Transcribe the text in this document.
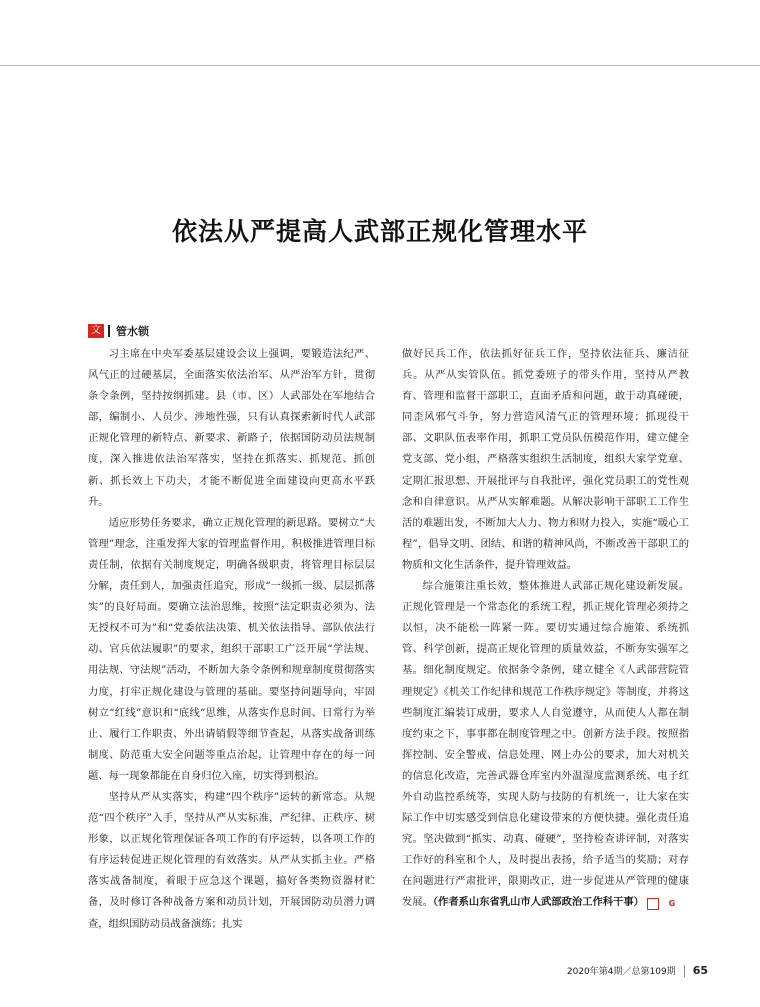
依法从严提高人武部正规化管理水平
文 管水锁

习主席在中央军委基层建设会议上强调，要锻造法纪严、风气正的过硬基层，全面落实依法治军、从严治军方针，贯彻条令条例，坚持按纲抓建。县（市、区）人武部处在军地结合部，编制小、人员少、涉地性强，只有认真探索新时代人武部正规化管理的新特点、新要求、新路子，依据国防动员法规制度，深入推进依法治军落实，坚持在抓落实、抓规范、抓创新、抓长效上下功夫，才能不断促进全面建设向更高水平跃升。

适应形势任务要求，确立正规化管理的新思路。要树立“大管理”理念，注重发挥大家的管理监督作用，积极推进管理目标责任制，依据有关制度规定，明确各级职责，将管理目标层层分解，责任到人，加强责任追究，形成“一级抓一级、层层抓落实”的良好局面。要确立法治思维，按照“法定职责必须为、法无授权不可为”和“党委依法决策、机关依法指导、部队依法行动、官兵依法履职”的要求，组织干部职工广泛开展“学法规、用法规、守法规”活动，不断加大条令条例和规章制度贯彻落实力度，打牢正规化建设与管理的基础。要坚持问题导向，牢固树立“红线”意识和“底线”思维，从落实作息时间、日常行为举止、履行工作职责、外出请销假等细节查起，从落实战备训练制度、防范重大安全问题等重点治起，让管理中存在的每一问题、每一现象都能在自身归位入座，切实得到根治。

坚持从严从实落实，构建“四个秩序”运转的新常态。从规范“四个秩序”入手，坚持从严从实标准，严纪律、正秩序、树形象，以正规化管理保证各项工作的有序运转，以各项工作的有序运转促进正规化管理的有效落实。从严从实抓主业。严格落实战备制度，着眼于应急这个课题，搞好各类物资器材贮备，及时修订各种战备方案和动员计划，开展国防动员潜力调查，组织国防动员战备演练；扎实

做好民兵工作，依法抓好征兵工作，坚持依法征兵、廉洁征兵。从严从实管队伍。抓党委班子的带头作用，坚持从严教育、管理和监督干部职工，直面矛盾和问题，敢于动真碰硬，同歪风邪气斗争，努力营造风清气正的管理环境；抓现役干部、文职队伍表率作用，抓职工党员队伍模范作用，建立健全党支部、党小组，严格落实组织生活制度，组织大家学党章、定期汇报思想、开展批评与自我批评，强化党员职工的党性观念和自律意识。从严从实解难题。从解决影响干部职工工作生活的难题出发，不断加大人力、物力和财力投入，实施“暖心工程”，倡导文明、团结、和谐的精神风尚，不断改善干部职工的物质和文化生活条件，提升管理效益。

综合施策注重长效，整体推进人武部正规化建设新发展。正规化管理是一个常态化的系统工程，抓正规化管理必须持之以恒，决不能松一阵紧一阵。要切实通过综合施策、系统抓管、科学创新，提高正规化管理的质量效益，不断夯实强军之基。细化制度规定。依据条令条例，建立健全《人武部营院管理规定》《机关工作纪律和规范工作秩序规定》等制度，并将这些制度汇编装订成册，要求人人自觉遵守，从而使人人都在制度约束之下，事事都在制度管理之中。创新方法手段。按照指挥控制、安全警戒、信息处理、网上办公的要求，加大对机关的信息化改造，完善武器仓库室内外温湿度监测系统、电子红外自动监控系统等，实现人防与技防的有机统一，让大家在实际工作中切实感受到信息化建设带来的方便快捷。强化责任追究。坚决做到“抓实、动真、碰硬”，坚持检查讲评制，对落实工作好的科室和个人，及时提出表扬，给予适当的奖励；对存在问题进行严肃批评，限期改正，进一步促进从严管理的健康发展。（作者系山东省乳山市人武部政治工作科干事）	G

2020年第4期／总第109期 65
